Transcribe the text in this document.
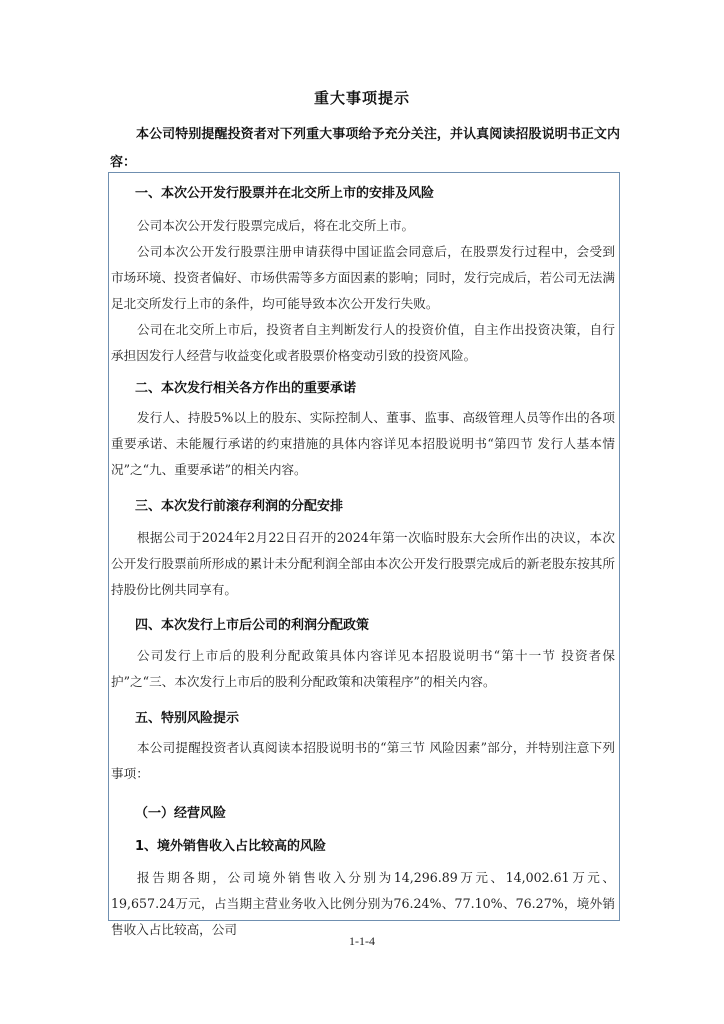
重大事项提示
本公司特别提醒投资者对下列重大事项给予充分关注，并认真阅读招股说明书正文内容：
一、本次公开发行股票并在北交所上市的安排及风险
公司本次公开发行股票完成后，将在北交所上市。
公司本次公开发行股票注册申请获得中国证监会同意后，在股票发行过程中，会受到市场环境、投资者偏好、市场供需等多方面因素的影响；同时，发行完成后，若公司无法满足北交所发行上市的条件，均可能导致本次公开发行失败。
公司在北交所上市后，投资者自主判断发行人的投资价值，自主作出投资决策，自行承担因发行人经营与收益变化或者股票价格变动引致的投资风险。
二、本次发行相关各方作出的重要承诺
发行人、持股5%以上的股东、实际控制人、董事、监事、高级管理人员等作出的各项重要承诺、未能履行承诺的约束措施的具体内容详见本招股说明书“第四节 发行人基本情况”之“九、重要承诺”的相关内容。
三、本次发行前滚存利润的分配安排
根据公司于2024年2月22日召开的2024年第一次临时股东大会所作出的决议，本次公开发行股票前所形成的累计未分配利润全部由本次公开发行股票完成后的新老股东按其所持股份比例共同享有。
四、本次发行上市后公司的利润分配政策
公司发行上市后的股利分配政策具体内容详见本招股说明书“第十一节 投资者保护”之“三、本次发行上市后的股利分配政策和决策程序”的相关内容。
五、特别风险提示
本公司提醒投资者认真阅读本招股说明书的“第三节 风险因素”部分，并特别注意下列事项：
（一）经营风险
1、境外销售收入占比较高的风险
报告期各期，公司境外销售收入分别为14,296.89万元、14,002.61万元、19,657.24万元，占当期主营业务收入比例分别为76.24%、77.10%、76.27%，境外销售收入占比较高，公司
1-1-4
